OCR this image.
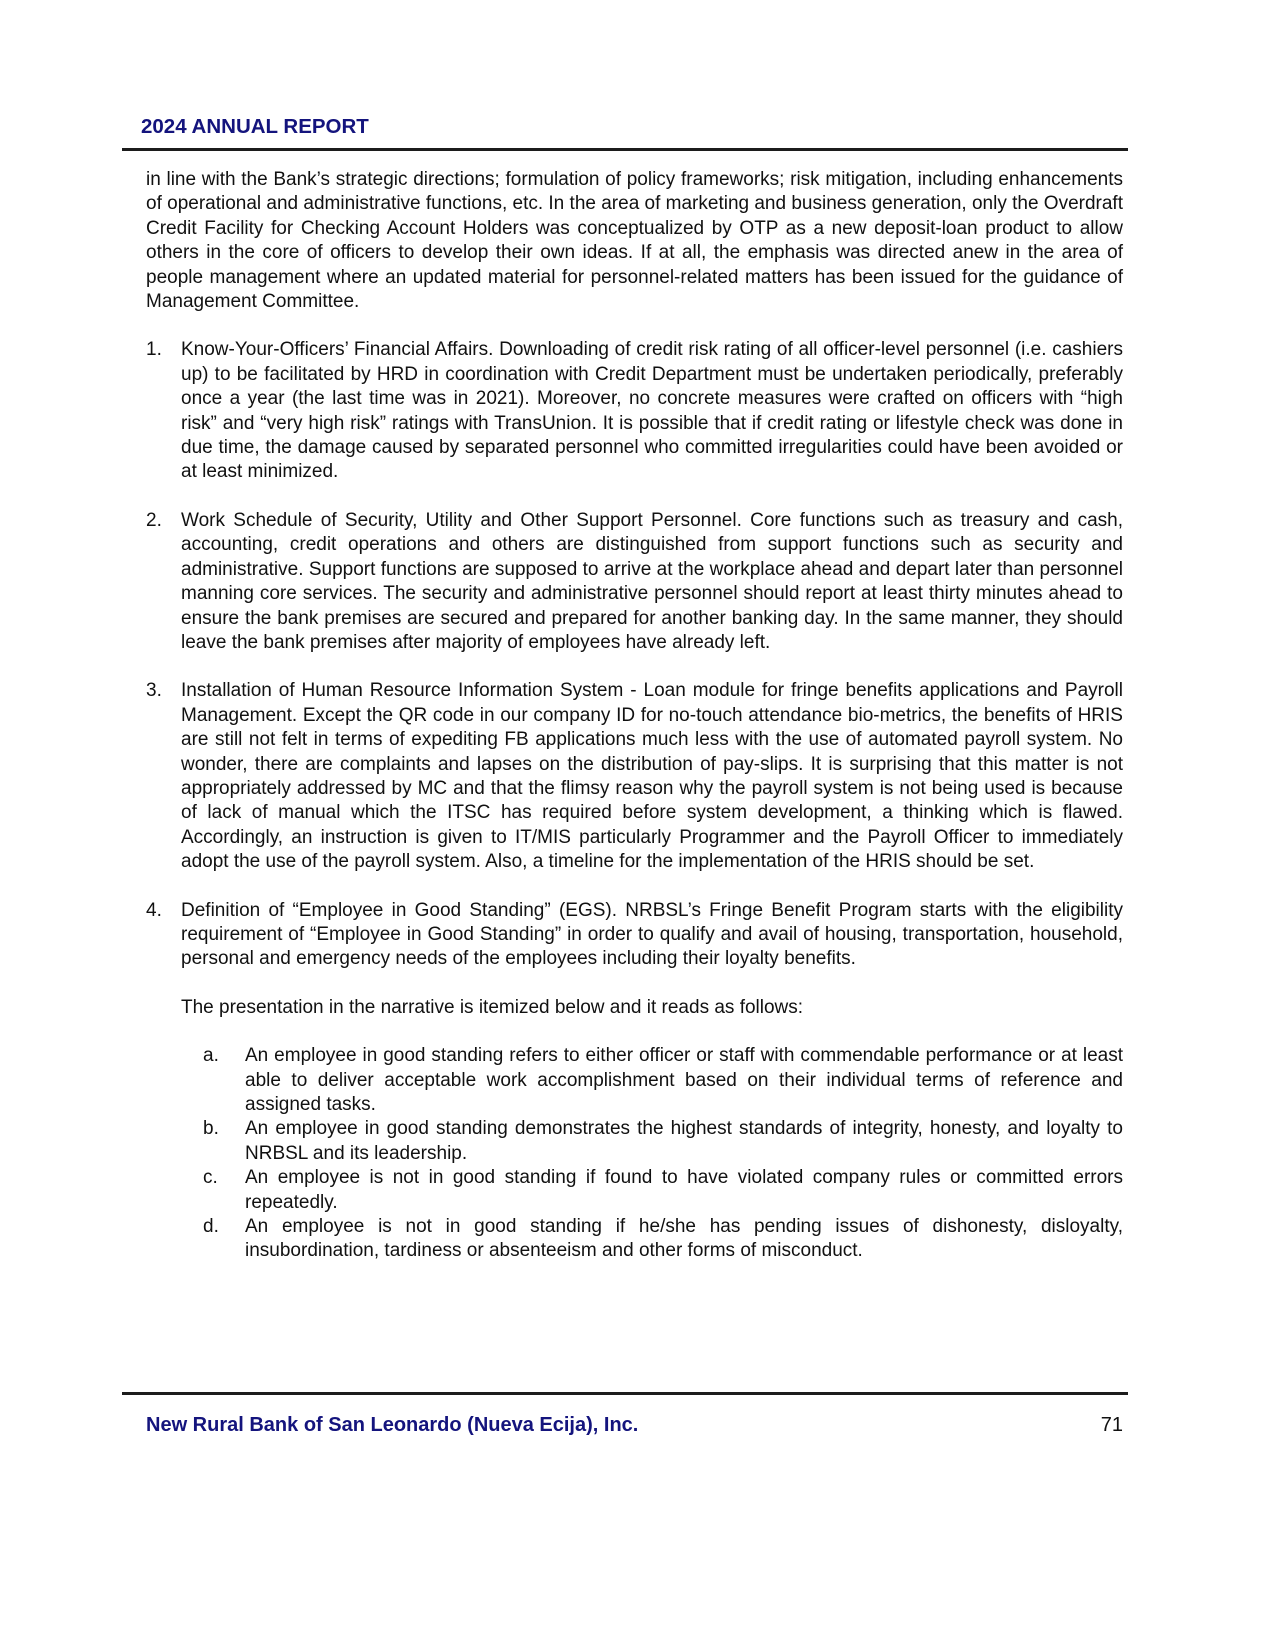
2024 ANNUAL REPORT

in line with the Bank’s strategic directions; formulation of policy frameworks; risk mitigation, including enhancements of operational and administrative functions, etc. In the area of marketing and business generation, only the Overdraft Credit Facility for Checking Account Holders was conceptualized by OTP as a new deposit-loan product to allow others in the core of officers to develop their own ideas. If at all, the emphasis was directed anew in the area of people management where an updated material for personnel-related matters has been issued for the guidance of Management Committee.

1. Know-Your-Officers’ Financial Affairs. Downloading of credit risk rating of all officer-level personnel (i.e. cashiers up) to be facilitated by HRD in coordination with Credit Department must be undertaken periodically, preferably once a year (the last time was in 2021). Moreover, no concrete measures were crafted on officers with “high risk” and “very high risk” ratings with TransUnion. It is possible that if credit rating or lifestyle check was done in due time, the damage caused by separated personnel who committed irregularities could have been avoided or at least minimized.

2. Work Schedule of Security, Utility and Other Support Personnel. Core functions such as treasury and cash, accounting, credit operations and others are distinguished from support functions such as security and administrative. Support functions are supposed to arrive at the workplace ahead and depart later than personnel manning core services. The security and administrative personnel should report at least thirty minutes ahead to ensure the bank premises are secured and prepared for another banking day. In the same manner, they should leave the bank premises after majority of employees have already left.

3. Installation of Human Resource Information System - Loan module for fringe benefits applications and Payroll Management. Except the QR code in our company ID for no-touch attendance bio-metrics, the benefits of HRIS are still not felt in terms of expediting FB applications much less with the use of automated payroll system. No wonder, there are complaints and lapses on the distribution of pay-slips. It is surprising that this matter is not appropriately addressed by MC and that the flimsy reason why the payroll system is not being used is because of lack of manual which the ITSC has required before system development, a thinking which is flawed. Accordingly, an instruction is given to IT/MIS particularly Programmer and the Payroll Officer to immediately adopt the use of the payroll system. Also, a timeline for the implementation of the HRIS should be set.

4. Definition of “Employee in Good Standing” (EGS). NRBSL’s Fringe Benefit Program starts with the eligibility requirement of “Employee in Good Standing” in order to qualify and avail of housing, transportation, household, personal and emergency needs of the employees including their loyalty benefits.

The presentation in the narrative is itemized below and it reads as follows:

a. An employee in good standing refers to either officer or staff with commendable performance or at least able to deliver acceptable work accomplishment based on their individual terms of reference and assigned tasks.

b. An employee in good standing demonstrates the highest standards of integrity, honesty, and loyalty to NRBSL and its leadership.

c. An employee is not in good standing if found to have violated company rules or committed errors repeatedly.

d. An employee is not in good standing if he/she has pending issues of dishonesty, disloyalty, insubordination, tardiness or absenteeism and other forms of misconduct.

New Rural Bank of San Leonardo (Nueva Ecija), Inc.	71
